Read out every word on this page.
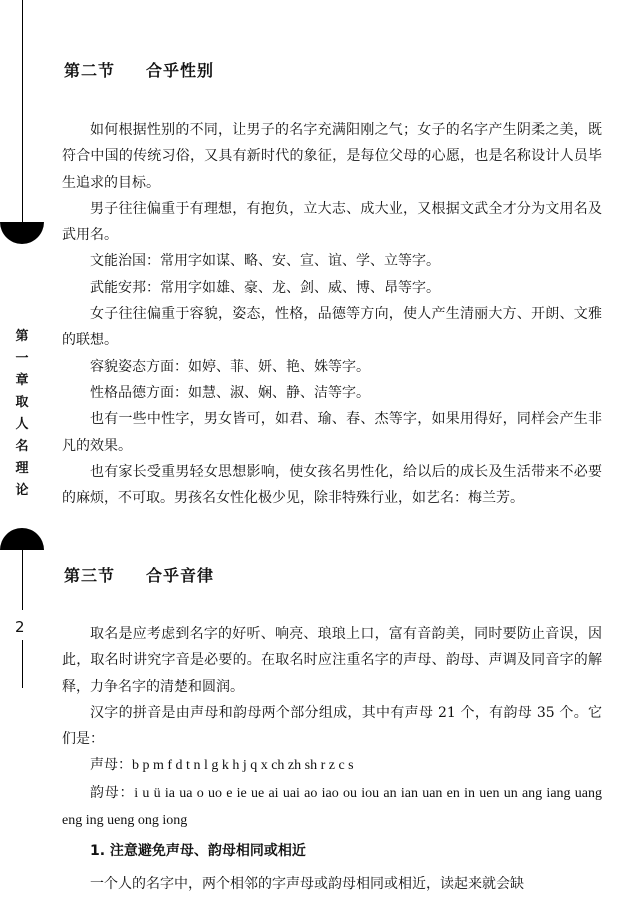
第
一
章
取
人
名
理
论
2
第二节 合乎性别

如何根据性别的不同，让男子的名字充满阳刚之气；女子的名字产生阴柔之美，既符合中国的传统习俗，又具有新时代的象征，是每位父母的心愿，也是名称设计人员毕生追求的目标。

男子往往偏重于有理想，有抱负，立大志、成大业，又根据文武全才分为文用名及武用名。

文能治国：常用字如谋、略、安、宣、谊、学、立等字。

武能安邦：常用字如雄、豪、龙、剑、威、博、昂等字。

女子往往偏重于容貌，姿态，性格，品德等方向，使人产生清丽大方、开朗、文雅的联想。

容貌姿态方面：如婷、菲、妍、艳、姝等字。

性格品德方面：如慧、淑、娴、静、洁等字。

也有一些中性字，男女皆可，如君、瑜、春、杰等字，如果用得好，同样会产生非凡的效果。

也有家长受重男轻女思想影响，使女孩名男性化，给以后的成长及生活带来不必要的麻烦，不可取。男孩名女性化极少见，除非特殊行业，如艺名：梅兰芳。

第三节 合乎音律

取名是应考虑到名字的好听、响亮、琅琅上口，富有音韵美，同时要防止音误，因此，取名时讲究字音是必要的。在取名时应注重名字的声母、韵母、声调及同音字的解释，力争名字的清楚和圆润。

汉字的拼音是由声母和韵母两个部分组成，其中有声母 21 个，有韵母 35 个。它们是：

声母：b p m f d t n l g k h j q x ch zh sh r z c s

韵母：i u ü ia ua o uo e ie ue ai uai ao iao ou iou an ian uan en in uen un ang iang uang eng ing ueng ong iong

1. 注意避免声母、韵母相同或相近

一个人的名字中，两个相邻的字声母或韵母相同或相近，读起来就会缺
